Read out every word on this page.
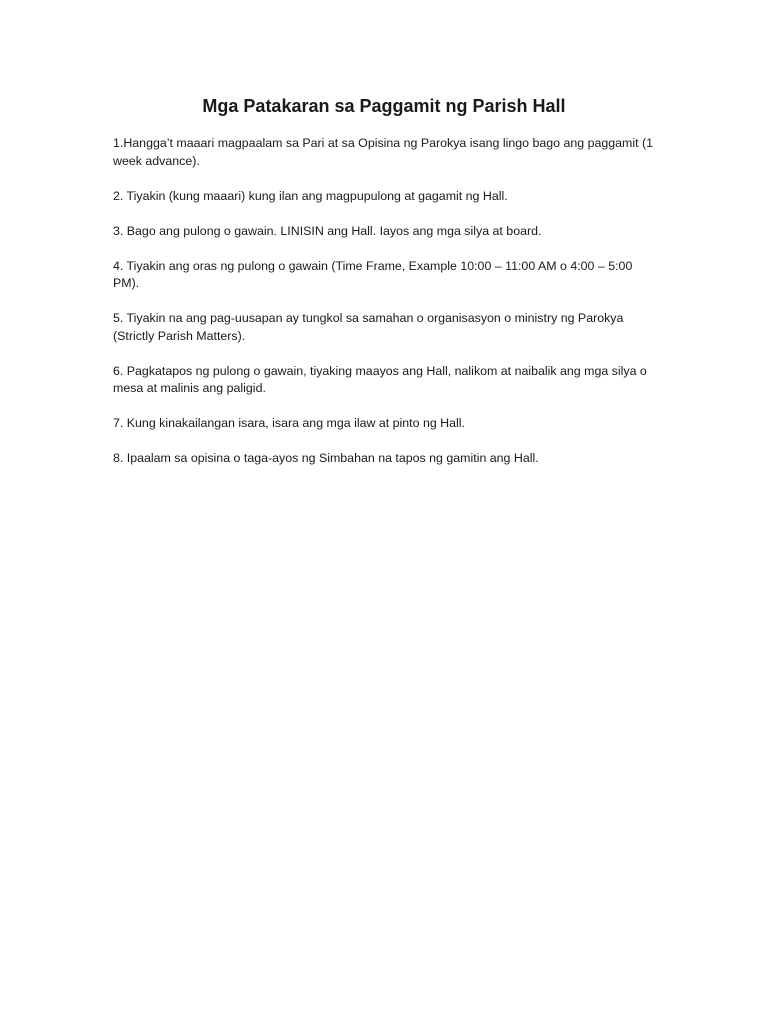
Mga Patakaran sa Paggamit ng Parish Hall
1.Hangga’t maaari magpaalam sa Pari at sa Opisina ng Parokya isang lingo bago ang paggamit (1 week advance).
2. Tiyakin (kung maaari) kung ilan ang magpupulong at gagamit ng Hall.
3. Bago ang pulong o gawain. LINISIN ang Hall. Iayos ang mga silya at board.
4. Tiyakin ang oras ng pulong o gawain (Time Frame, Example 10:00 – 11:00 AM o 4:00 – 5:00 PM).
5. Tiyakin na ang pag-uusapan ay tungkol sa samahan o organisasyon o ministry ng Parokya (Strictly Parish Matters).
6. Pagkatapos ng pulong o gawain, tiyaking maayos ang Hall, nalikom at naibalik ang mga silya o mesa at malinis ang paligid.
7. Kung kinakailangan isara, isara ang mga ilaw at pinto ng Hall.
8. Ipaalam sa opisina o taga-ayos ng Simbahan na tapos ng gamitin ang Hall.
